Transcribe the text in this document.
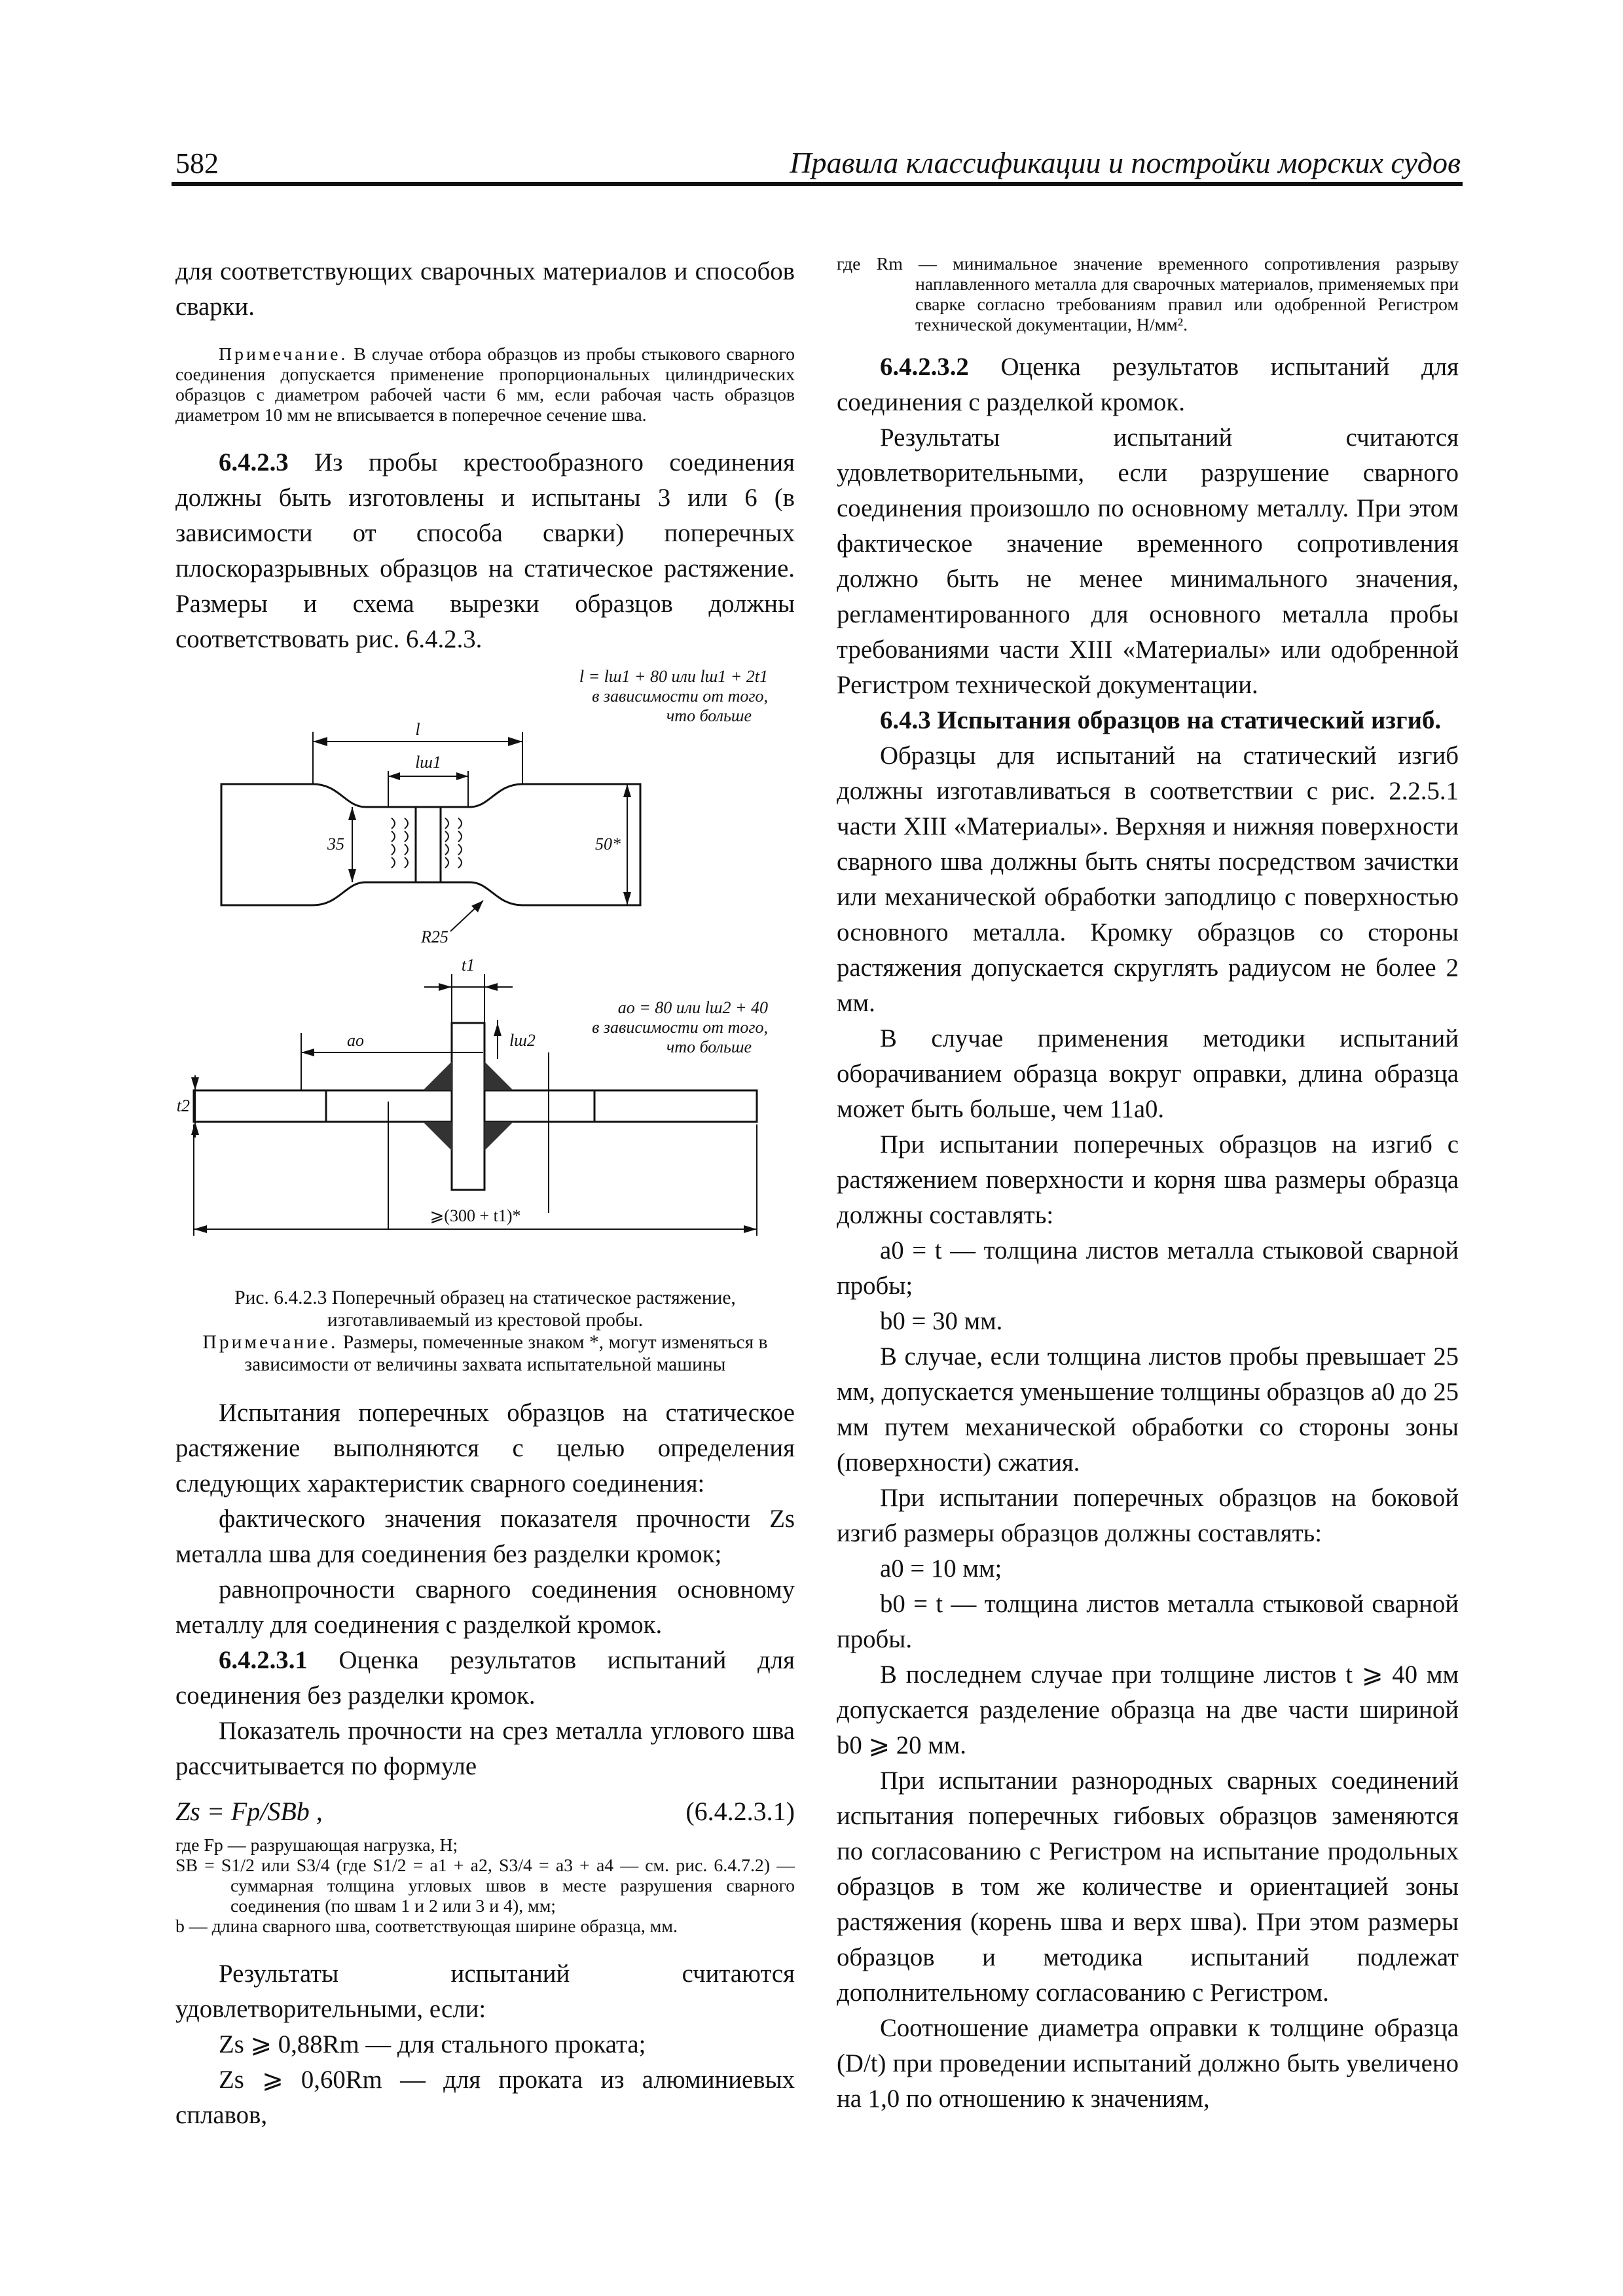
582	Правила классификации и постройки морских судов

для соответствующих сварочных материалов и способов сварки.

Примечание. В случае отбора образцов из пробы стыкового сварного соединения допускается применение пропорциональных цилиндрических образцов с диаметром рабочей части 6 мм, если рабочая часть образцов диаметром 10 мм не вписывается в поперечное сечение шва.

6.4.2.3 Из пробы крестообразного соединения должны быть изготовлены и испытаны 3 или 6 (в зависимости от способа сварки) поперечных плоскоразрывных образцов на статическое растяжение. Размеры и схема вырезки образцов должны соответствовать рис. 6.4.2.3.

l = lш1 + 80 или lш1 + 2t1
в зависимости от того,
что больше
l
lш1
35	50*
R25
t1
lш2
ao = 80 или lш2 + 40
в зависимости от того,
что больше
ao
t2
⩾(300 + t1)*

Рис. 6.4.2.3 Поперечный образец на статическое растяжение,

изготавливаемый из крестовой пробы.

Примечание. Размеры, помеченные знаком *, могут изменяться в зависимости от величины захвата испытательной машины

Испытания поперечных образцов на статическое растяжение выполняются с целью определения следующих характеристик сварного соединения:

фактического значения показателя прочности Zs металла шва для соединения без разделки кромок;

равнопрочности сварного соединения основному металлу для соединения с разделкой кромок.

6.4.2.3.1 Оценка результатов испытаний для соединения без разделки кромок.

Показатель прочности на срез металла углового шва рассчитывается по формуле

Zs = Fp/SBb ,	(6.4.2.3.1)

где Fp — разрушающая нагрузка, Н;

SB = S1/2 или S3/4 (где S1/2 = a1 + a2, S3/4 = a3 + a4 — см. рис. 6.4.7.2) — суммарная толщина угловых швов в месте разрушения сварного соединения (по швам 1 и 2 или 3 и 4), мм;

b — длина сварного шва, соответствующая ширине образца, мм.

Результаты испытаний считаются удовлетворительными, если:

Zs ⩾ 0,88Rm — для стального проката;

Zs ⩾ 0,60Rm — для проката из алюминиевых сплавов,

где Rm — минимальное значение временного сопротивления разрыву наплавленного металла для сварочных материалов, применяемых при сварке согласно требованиям правил или одобренной Регистром технической документации, Н/мм².

6.4.2.3.2 Оценка результатов испытаний для соединения с разделкой кромок.

Результаты испытаний считаются удовлетворительными, если разрушение сварного соединения произошло по основному металлу. При этом фактическое значение временного сопротивления должно быть не менее минимального значения, регламентированного для основного металла пробы требованиями части XIII «Материалы» или одобренной Регистром технической документации.

6.4.3 Испытания образцов на статический изгиб.

Образцы для испытаний на статический изгиб должны изготавливаться в соответствии с рис. 2.2.5.1 части XIII «Материалы». Верхняя и нижняя поверхности сварного шва должны быть сняты посредством зачистки или механической обработки заподлицо с поверхностью основного металла. Кромку образцов со стороны растяжения допускается скруглять радиусом не более 2 мм.

В случае применения методики испытаний оборачиванием образца вокруг оправки, длина образца может быть больше, чем 11a0.

При испытании поперечных образцов на изгиб с растяжением поверхности и корня шва размеры образца должны составлять:

a0 = t — толщина листов металла стыковой сварной пробы;

b0 = 30 мм.

В случае, если толщина листов пробы превышает 25 мм, допускается уменьшение толщины образцов a0 до 25 мм путем механической обработки со стороны зоны (поверхности) сжатия.

При испытании поперечных образцов на боковой изгиб размеры образцов должны составлять:

a0 = 10 мм;

b0 = t — толщина листов металла стыковой сварной пробы.

В последнем случае при толщине листов t ⩾ 40 мм допускается разделение образца на две части шириной b0 ⩾ 20 мм.

При испытании разнородных сварных соединений испытания поперечных гибовых образцов заменяются по согласованию с Регистром на испытание продольных образцов в том же количестве и ориентацией зоны растяжения (корень шва и верх шва). При этом размеры образцов и методика испытаний подлежат дополнительному согласованию с Регистром.

Соотношение диаметра оправки к толщине образца (D/t) при проведении испытаний должно быть увеличено на 1,0 по отношению к значениям,
